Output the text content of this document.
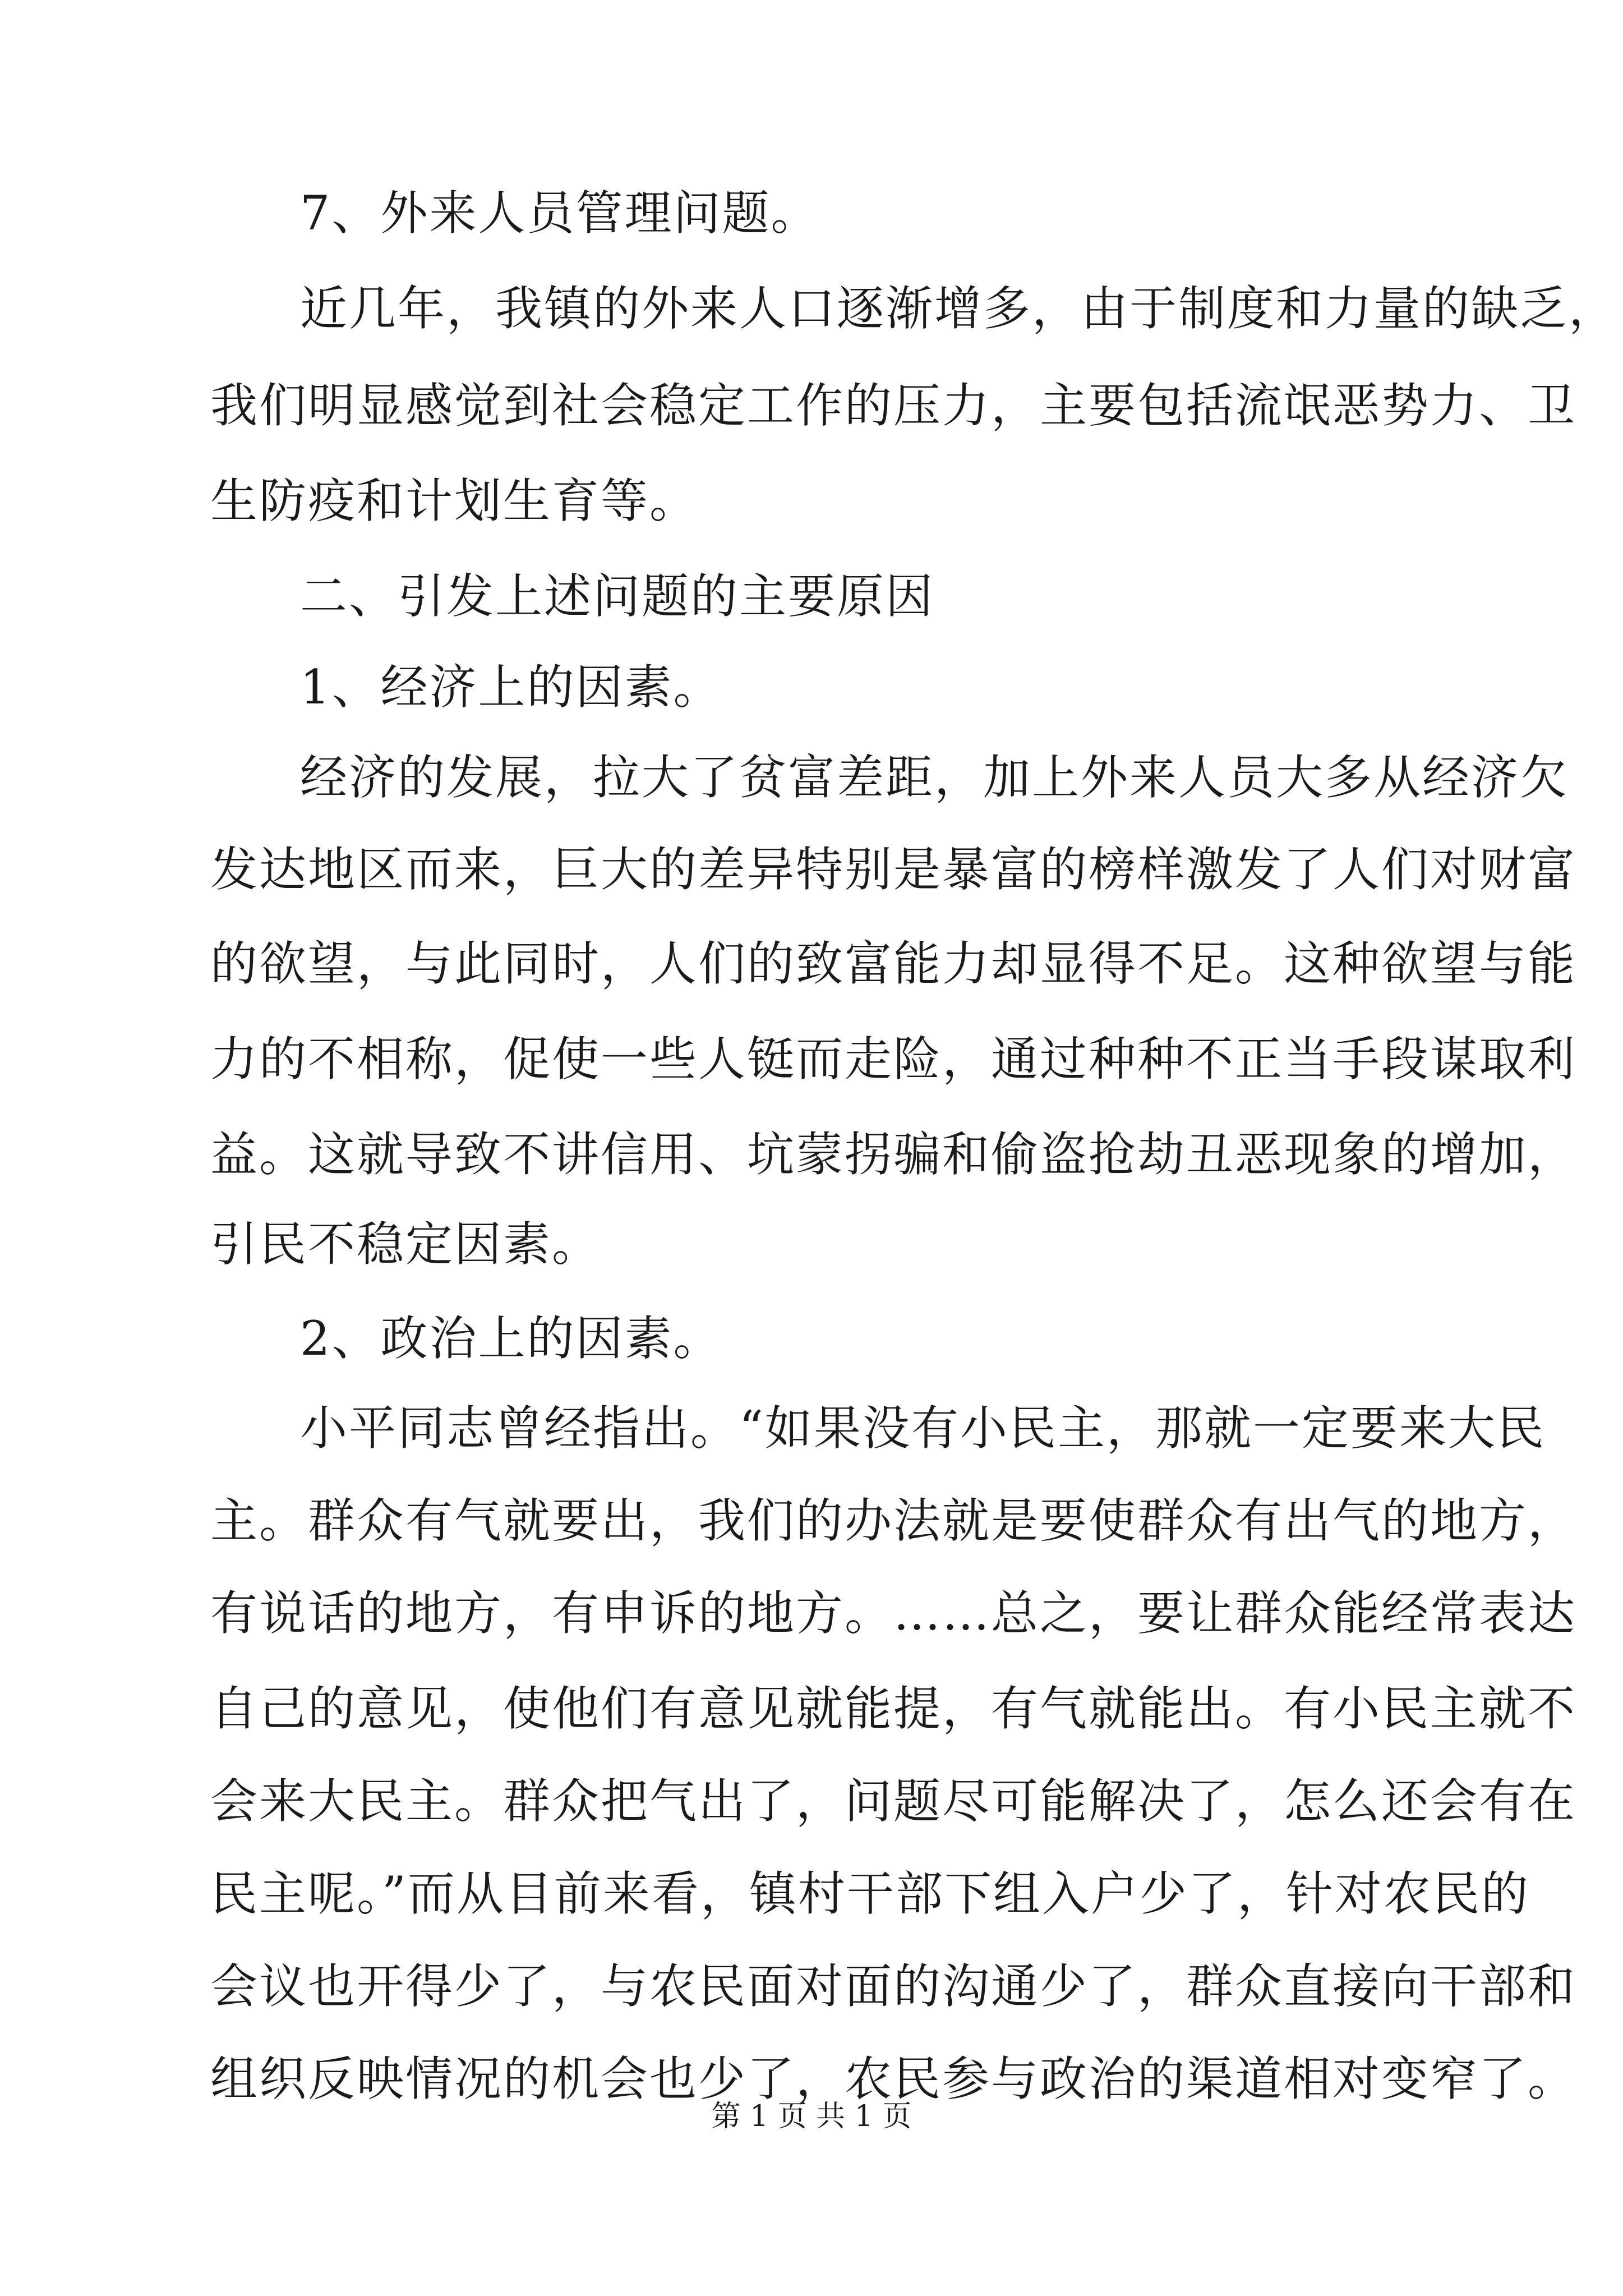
7、外来人员管理问题。
近几年，我镇的外来人口逐渐增多，由于制度和力量的缺乏，
我们明显感觉到社会稳定工作的压力，主要包括流氓恶势力、卫
生防疫和计划生育等。
二、引发上述问题的主要原因
1、经济上的因素。
经济的发展，拉大了贫富差距，加上外来人员大多从经济欠
发达地区而来，巨大的差异特别是暴富的榜样激发了人们对财富
的欲望，与此同时，人们的致富能力却显得不足。这种欲望与能
力的不相称，促使一些人铤而走险，通过种种不正当手段谋取利
益。这就导致不讲信用、坑蒙拐骗和偷盗抢劫丑恶现象的增加，
引民不稳定因素。
2、政治上的因素。
小平同志曾经指出。“如果没有小民主，那就一定要来大民
主。群众有气就要出，我们的办法就是要使群众有出气的地方，
有说话的地方，有申诉的地方。……总之，要让群众能经常表达
自己的意见，使他们有意见就能提，有气就能出。有小民主就不
会来大民主。群众把气出了，问题尽可能解决了，怎么还会有在
民主呢。”而从目前来看，镇村干部下组入户少了，针对农民的
会议也开得少了，与农民面对面的沟通少了，群众直接向干部和
组织反映情况的机会也少了，农民参与政治的渠道相对变窄了。
第 1 页 共 1 页
